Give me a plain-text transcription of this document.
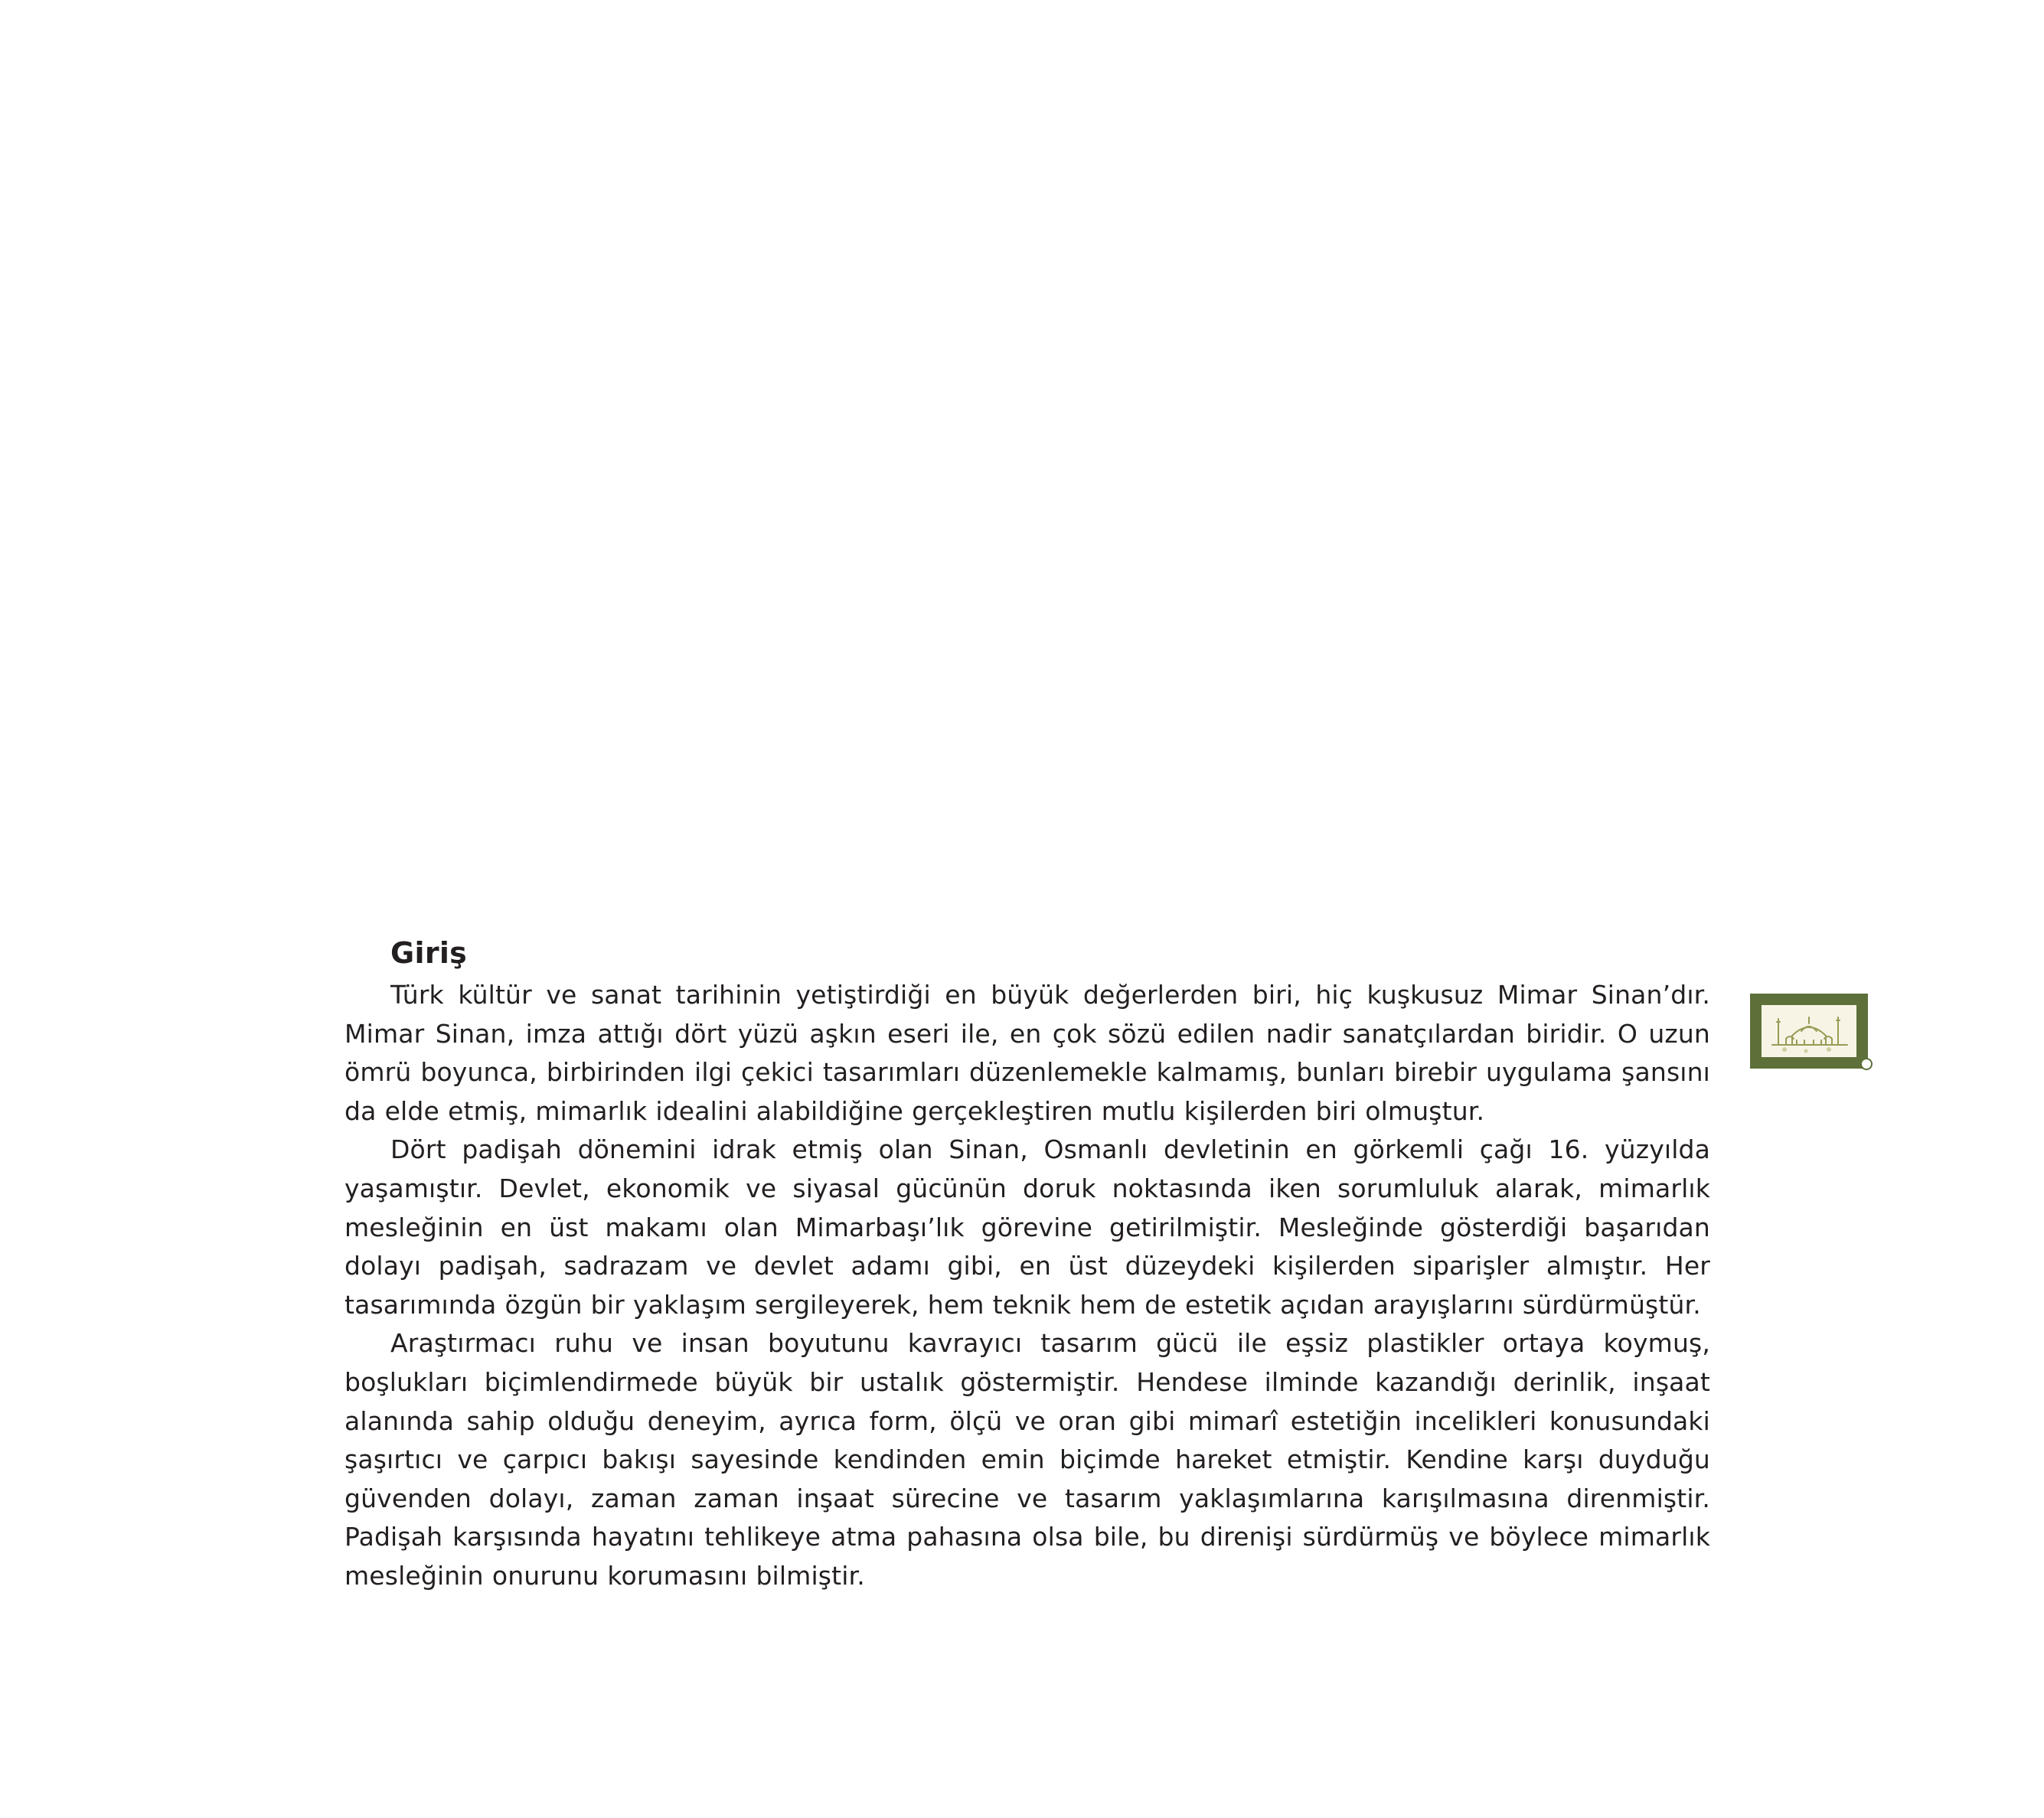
Giriş

Türk kültür ve sanat tarihinin yetiştirdiği en büyük değerlerden biri, hiç kuşkusuz Mimar Sinan’dır. Mimar Sinan, imza attığı dört yüzü aşkın eseri ile, en çok sözü edilen nadir sanatçılardan biridir. O uzun ömrü boyunca, birbirinden ilgi çekici tasarımları düzenlemekle kalmamış, bunları birebir uygulama şansını da elde etmiş, mimarlık idealini alabildiğine gerçekleştiren mutlu kişilerden biri olmuştur.

Dört padişah dönemini idrak etmiş olan Sinan, Osmanlı devletinin en görkemli çağı 16. yüzyılda yaşamıştır. Devlet, ekonomik ve siyasal gücünün doruk noktasında iken sorumluluk alarak, mimarlık mesleğinin en üst makamı olan Mimarbaşı’lık görevine getirilmiştir. Mesleğinde gösterdiği başarıdan dolayı padişah, sadrazam ve devlet adamı gibi, en üst düzeydeki kişilerden siparişler almıştır. Her tasarımında özgün bir yaklaşım sergileyerek, hem teknik hem de estetik açıdan arayışlarını sürdürmüştür.

Araştırmacı ruhu ve insan boyutunu kavrayıcı tasarım gücü ile eşsiz plastikler ortaya koymuş, boşlukları biçimlendirmede büyük bir ustalık göstermiştir. Hendese ilminde kazandığı derinlik, inşaat alanında sahip olduğu deneyim, ayrıca form, ölçü ve oran gibi mimarî estetiğin incelikleri konusundaki şaşırtıcı ve çarpıcı bakışı sayesinde kendinden emin biçimde hareket etmiştir. Kendine karşı duyduğu güvenden dolayı, zaman zaman inşaat sürecine ve tasarım yaklaşımlarına karışılmasına direnmiştir. Padişah karşısında hayatını tehlikeye atma pahasına olsa bile, bu direnişi sürdürmüş ve böylece mimarlık mesleğinin onurunu korumasını bilmiştir.
